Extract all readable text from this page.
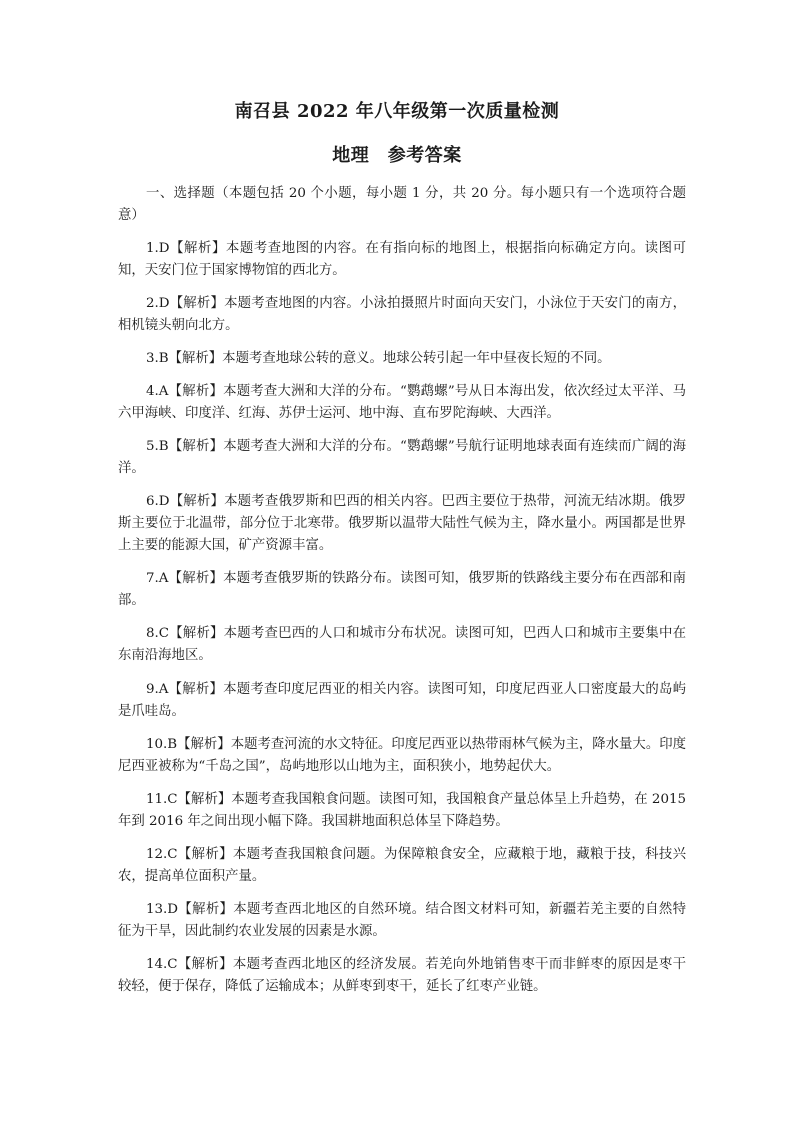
南召县 2022 年八年级第一次质量检测
地理　参考答案
一、选择题（本题包括 20 个小题，每小题 1 分，共 20 分。每小题只有一个选项符合题意）
1.D【解析】本题考查地图的内容。在有指向标的地图上，根据指向标确定方向。读图可知，天安门位于国家博物馆的西北方。
2.D【解析】本题考查地图的内容。小泳拍摄照片时面向天安门，小泳位于天安门的南方，相机镜头朝向北方。
3.B【解析】本题考查地球公转的意义。地球公转引起一年中昼夜长短的不同。
4.A【解析】本题考查大洲和大洋的分布。“鹦鹉螺”号从日本海出发，依次经过太平洋、马六甲海峡、印度洋、红海、苏伊士运河、地中海、直布罗陀海峡、大西洋。
5.B【解析】本题考查大洲和大洋的分布。“鹦鹉螺”号航行证明地球表面有连续而广阔的海洋。
6.D【解析】本题考查俄罗斯和巴西的相关内容。巴西主要位于热带，河流无结冰期。俄罗斯主要位于北温带，部分位于北寒带。俄罗斯以温带大陆性气候为主，降水量小。两国都是世界上主要的能源大国，矿产资源丰富。
7.A【解析】本题考查俄罗斯的铁路分布。读图可知，俄罗斯的铁路线主要分布在西部和南部。
8.C【解析】本题考查巴西的人口和城市分布状况。读图可知，巴西人口和城市主要集中在东南沿海地区。
9.A【解析】本题考查印度尼西亚的相关内容。读图可知，印度尼西亚人口密度最大的岛屿是爪哇岛。
10.B【解析】本题考查河流的水文特征。印度尼西亚以热带雨林气候为主，降水量大。印度尼西亚被称为“千岛之国”，岛屿地形以山地为主，面积狭小，地势起伏大。
11.C【解析】本题考查我国粮食问题。读图可知，我国粮食产量总体呈上升趋势，在 2015 年到 2016 年之间出现小幅下降。我国耕地面积总体呈下降趋势。
12.C【解析】本题考查我国粮食问题。为保障粮食安全，应藏粮于地，藏粮于技，科技兴农，提高单位面积产量。
13.D【解析】本题考查西北地区的自然环境。结合图文材料可知，新疆若羌主要的自然特征为干旱，因此制约农业发展的因素是水源。
14.C【解析】本题考查西北地区的经济发展。若羌向外地销售枣干而非鲜枣的原因是枣干较轻，便于保存，降低了运输成本；从鲜枣到枣干，延长了红枣产业链。
